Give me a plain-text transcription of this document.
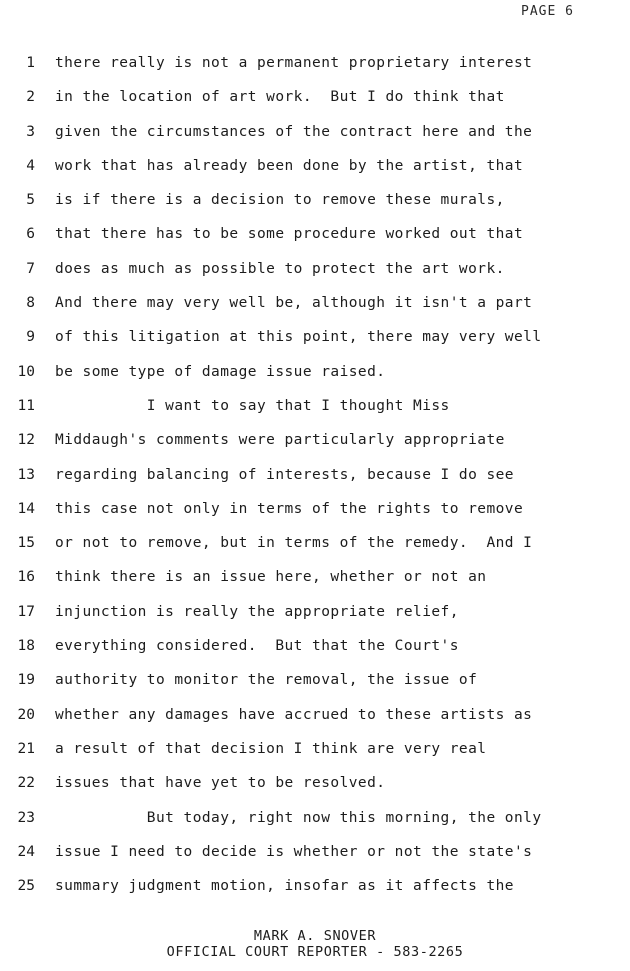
PAGE 6
1 there really is not a permanent proprietary interest
2 in the location of art work.  But I do think that
3 given the circumstances of the contract here and the
4 work that has already been done by the artist, that
5 is if there is a decision to remove these murals,
6 that there has to be some procedure worked out that
7 does as much as possible to protect the art work.
8 And there may very well be, although it isn't a part
9 of this litigation at this point, there may very well
10 be some type of damage issue raised.
11 I want to say that I thought Miss
12 Middaugh's comments were particularly appropriate
13 regarding balancing of interests, because I do see
14 this case not only in terms of the rights to remove
15 or not to remove, but in terms of the remedy.  And I
16 think there is an issue here, whether or not an
17 injunction is really the appropriate relief,
18 everything considered.  But that the Court's
19 authority to monitor the removal, the issue of
20 whether any damages have accrued to these artists as
21 a result of that decision I think are very real
22 issues that have yet to be resolved.
23 But today, right now this morning, the only
24 issue I need to decide is whether or not the state's
25 summary judgment motion, insofar as it affects the
MARK A. SNOVER
OFFICIAL COURT REPORTER - 583-2265
